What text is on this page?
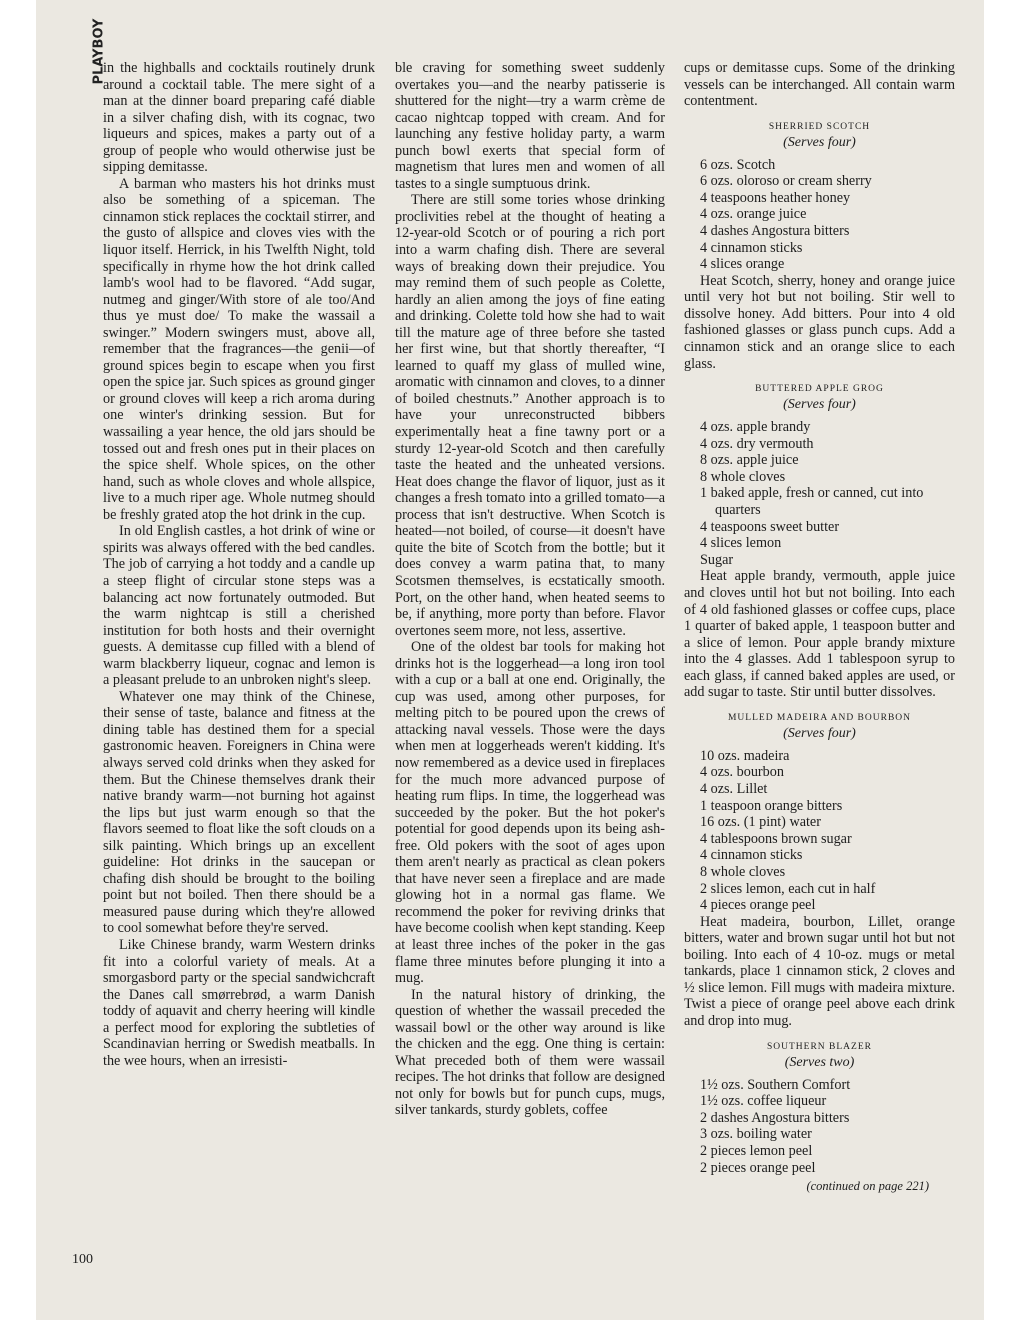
PLAYBOY

in the highballs and cocktails routinely drunk around a cocktail table. The mere sight of a man at the dinner board preparing café diable in a silver chafing dish, with its cognac, two liqueurs and spices, makes a party out of a group of people who would otherwise just be sipping demitasse.

A barman who masters his hot drinks must also be something of a spiceman. The cinnamon stick replaces the cocktail stirrer, and the gusto of allspice and cloves vies with the liquor itself. Herrick, in his Twelfth Night, told specifically in rhyme how the hot drink called lamb's wool had to be flavored. “Add sugar, nutmeg and ginger/With store of ale too/And thus ye must doe/ To make the wassail a swinger.” Modern swingers must, above all, remember that the fragrances—the genii—of ground spices begin to escape when you first open the spice jar. Such spices as ground ginger or ground cloves will keep a rich aroma during one winter's drinking session. But for wassailing a year hence, the old jars should be tossed out and fresh ones put in their places on the spice shelf. Whole spices, on the other hand, such as whole cloves and whole allspice, live to a much riper age. Whole nutmeg should be freshly grated atop the hot drink in the cup.

In old English castles, a hot drink of wine or spirits was always offered with the bed candles. The job of carrying a hot toddy and a candle up a steep flight of circular stone steps was a balancing act now fortunately outmoded. But the warm nightcap is still a cherished institution for both hosts and their overnight guests. A demitasse cup filled with a blend of warm blackberry liqueur, cognac and lemon is a pleasant prelude to an unbroken night's sleep.

Whatever one may think of the Chinese, their sense of taste, balance and fitness at the dining table has destined them for a special gastronomic heaven. Foreigners in China were always served cold drinks when they asked for them. But the Chinese themselves drank their native brandy warm—not burning hot against the lips but just warm enough so that the flavors seemed to float like the soft clouds on a silk painting. Which brings up an excellent guideline: Hot drinks in the saucepan or chafing dish should be brought to the boiling point but not boiled. Then there should be a measured pause during which they're allowed to cool somewhat before they're served.

Like Chinese brandy, warm Western drinks fit into a colorful variety of meals. At a smorgasbord party or the special sandwichcraft the Danes call smørrebrød, a warm Danish toddy of aquavit and cherry heering will kindle a perfect mood for exploring the subtleties of Scandinavian herring or Swedish meatballs. In the wee hours, when an irresisti-

ble craving for something sweet suddenly overtakes you—and the nearby patisserie is shuttered for the night—try a warm crème de cacao nightcap topped with cream. And for launching any festive holiday party, a warm punch bowl exerts that special form of magnetism that lures men and women of all tastes to a single sumptuous drink.

There are still some tories whose drinking proclivities rebel at the thought of heating a 12-year-old Scotch or of pouring a rich port into a warm chafing dish. There are several ways of breaking down their prejudice. You may remind them of such people as Colette, hardly an alien among the joys of fine eating and drinking. Colette told how she had to wait till the mature age of three before she tasted her first wine, but that shortly thereafter, “I learned to quaff my glass of mulled wine, aromatic with cinnamon and cloves, to a dinner of boiled chestnuts.” Another approach is to have your unreconstructed bibbers experimentally heat a fine tawny port or a sturdy 12-year-old Scotch and then carefully taste the heated and the unheated versions. Heat does change the flavor of liquor, just as it changes a fresh tomato into a grilled tomato—a process that isn't destructive. When Scotch is heated—not boiled, of course—it doesn't have quite the bite of Scotch from the bottle; but it does convey a warm patina that, to many Scotsmen themselves, is ecstatically smooth. Port, on the other hand, when heated seems to be, if anything, more porty than before. Flavor overtones seem more, not less, assertive.

One of the oldest bar tools for making hot drinks hot is the loggerhead—a long iron tool with a cup or a ball at one end. Originally, the cup was used, among other purposes, for melting pitch to be poured upon the crews of attacking naval vessels. Those were the days when men at loggerheads weren't kidding. It's now remembered as a device used in fireplaces for the much more advanced purpose of heating rum flips. In time, the loggerhead was succeeded by the poker. But the hot poker's potential for good depends upon its being ash-free. Old pokers with the soot of ages upon them aren't nearly as practical as clean pokers that have never seen a fireplace and are made glowing hot in a normal gas flame. We recommend the poker for reviving drinks that have become coolish when kept standing. Keep at least three inches of the poker in the gas flame three minutes before plunging it into a mug.

In the natural history of drinking, the question of whether the wassail preceded the wassail bowl or the other way around is like the chicken and the egg. One thing is certain: What preceded both of them were wassail recipes. The hot drinks that follow are designed not only for bowls but for punch cups, mugs, silver tankards, sturdy goblets, coffee

cups or demitasse cups. Some of the drinking vessels can be interchanged. All contain warm contentment.

SHERRIED SCOTCH
(Serves four)
6 ozs. Scotch
6 ozs. oloroso or cream sherry
4 teaspoons heather honey
4 ozs. orange juice
4 dashes Angostura bitters
4 cinnamon sticks
4 slices orange

Heat Scotch, sherry, honey and orange juice until very hot but not boiling. Stir well to dissolve honey. Add bitters. Pour into 4 old fashioned glasses or glass punch cups. Add a cinnamon stick and an orange slice to each glass.

BUTTERED APPLE GROG
(Serves four)
4 ozs. apple brandy
4 ozs. dry vermouth
8 ozs. apple juice
8 whole cloves
1 baked apple, fresh or canned, cut into quarters
4 teaspoons sweet butter
4 slices lemon
Sugar

Heat apple brandy, vermouth, apple juice and cloves until hot but not boiling. Into each of 4 old fashioned glasses or coffee cups, place 1 quarter of baked apple, 1 teaspoon butter and a slice of lemon. Pour apple brandy mixture into the 4 glasses. Add 1 tablespoon syrup to each glass, if canned baked apples are used, or add sugar to taste. Stir until butter dissolves.

MULLED MADEIRA AND BOURBON
(Serves four)
10 ozs. madeira
4 ozs. bourbon
4 ozs. Lillet
1 teaspoon orange bitters
16 ozs. (1 pint) water
4 tablespoons brown sugar
4 cinnamon sticks
8 whole cloves
2 slices lemon, each cut in half
4 pieces orange peel

Heat madeira, bourbon, Lillet, orange bitters, water and brown sugar until hot but not boiling. Into each of 4 10-oz. mugs or metal tankards, place 1 cinnamon stick, 2 cloves and ½ slice lemon. Fill mugs with madeira mixture. Twist a piece of orange peel above each drink and drop into mug.

SOUTHERN BLAZER
(Serves two)
1½ ozs. Southern Comfort
1½ ozs. coffee liqueur
2 dashes Angostura bitters
3 ozs. boiling water
2 pieces lemon peel
2 pieces orange peel
(continued on page 221)
100
